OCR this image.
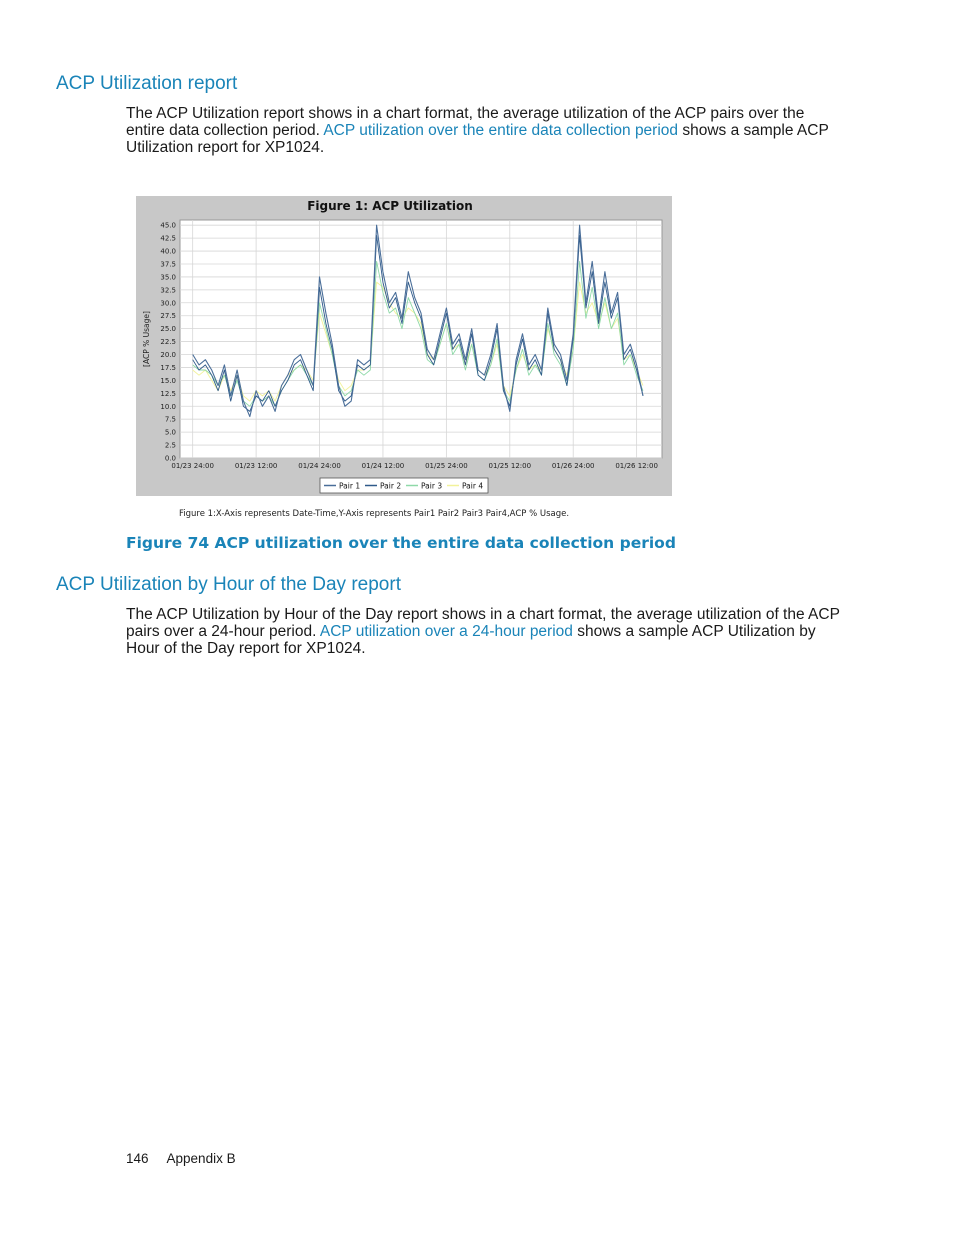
ACP Utilization report

The ACP Utilization report shows in a chart format, the average utilization of the ACP pairs over the entire data collection period. ACP utilization over the entire data collection period shows a sample ACP Utilization report for XP1024.

Figure 1: ACP Utilization
45.0
42.5
40.0
37.5
35.0
32.5
30.0
27.5
25.0
22.5
20.0
17.5
15.0
12.5
10.0
7.5
5.0
2.5
0.0
[ACP % Usage]
01/23 24:00	01/23 12:00	01/24 24:00	01/24 12:00	01/25 24:00	01/25 12:00	01/26 24:00	01/26 12:00
Pair 1	Pair 2	Pair 3	Pair 4
Figure 1:X-Axis represents Date-Time,Y-Axis represents Pair1 Pair2 Pair3 Pair4,ACP % Usage.
Figure 74 ACP utilization over the entire data collection period
ACP Utilization by Hour of the Day report

The ACP Utilization by Hour of the Day report shows in a chart format, the average utilization of the ACP pairs over a 24-hour period. ACP utilization over a 24-hour period shows a sample ACP Utilization by Hour of the Day report for XP1024.

146 Appendix B
